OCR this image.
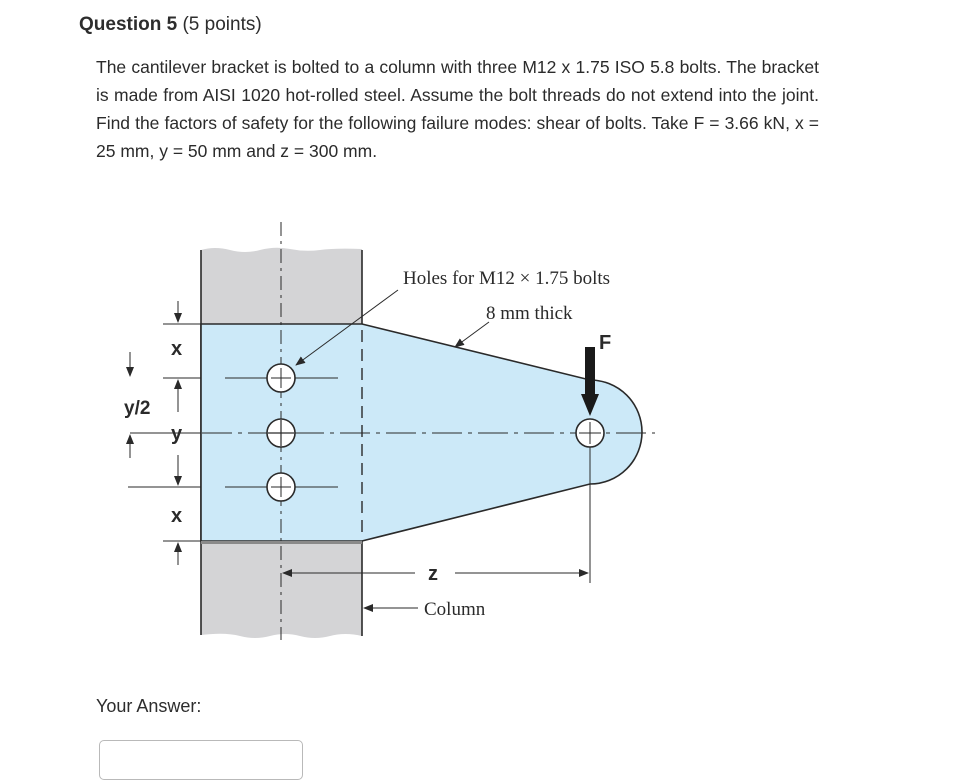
Question 5 (5 points)
The cantilever bracket is bolted to a column with three M12 x 1.75 ISO 5.8 bolts. The bracket is made from AISI 1020 hot-rolled steel. Assume the bolt threads do not extend into the joint. Find the factors of safety for the following failure modes: shear of bolts. Take F = 3.66 kN, x = 25 mm, y = 50 mm and z = 300 mm.
Holes for M12 × 1.75 bolts
8 mm thick
F
x
y
x
y/2
z
Column
Your Answer:
